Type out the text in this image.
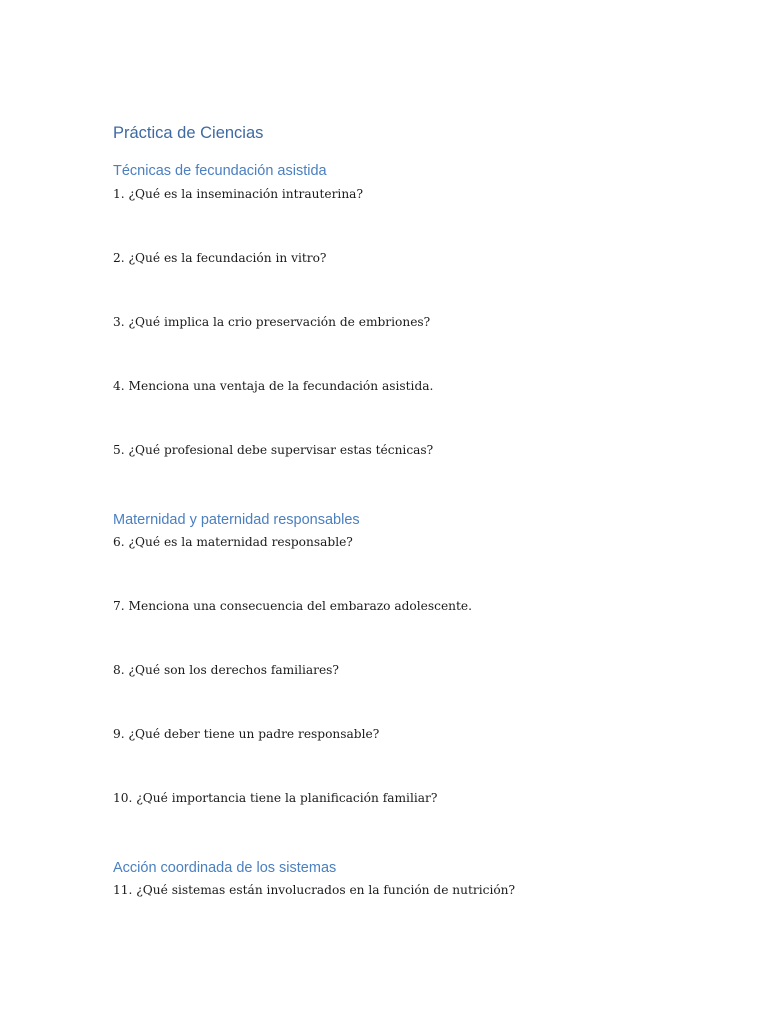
Práctica de Ciencias
Técnicas de fecundación asistida

1. ¿Qué es la inseminación intrauterina?

2. ¿Qué es la fecundación in vitro?

3. ¿Qué implica la crio preservación de embriones?

4. Menciona una ventaja de la fecundación asistida.

5. ¿Qué profesional debe supervisar estas técnicas?

Maternidad y paternidad responsables

6. ¿Qué es la maternidad responsable?

7. Menciona una consecuencia del embarazo adolescente.

8. ¿Qué son los derechos familiares?

9. ¿Qué deber tiene un padre responsable?

10. ¿Qué importancia tiene la planificación familiar?

Acción coordinada de los sistemas

11. ¿Qué sistemas están involucrados en la función de nutrición?
